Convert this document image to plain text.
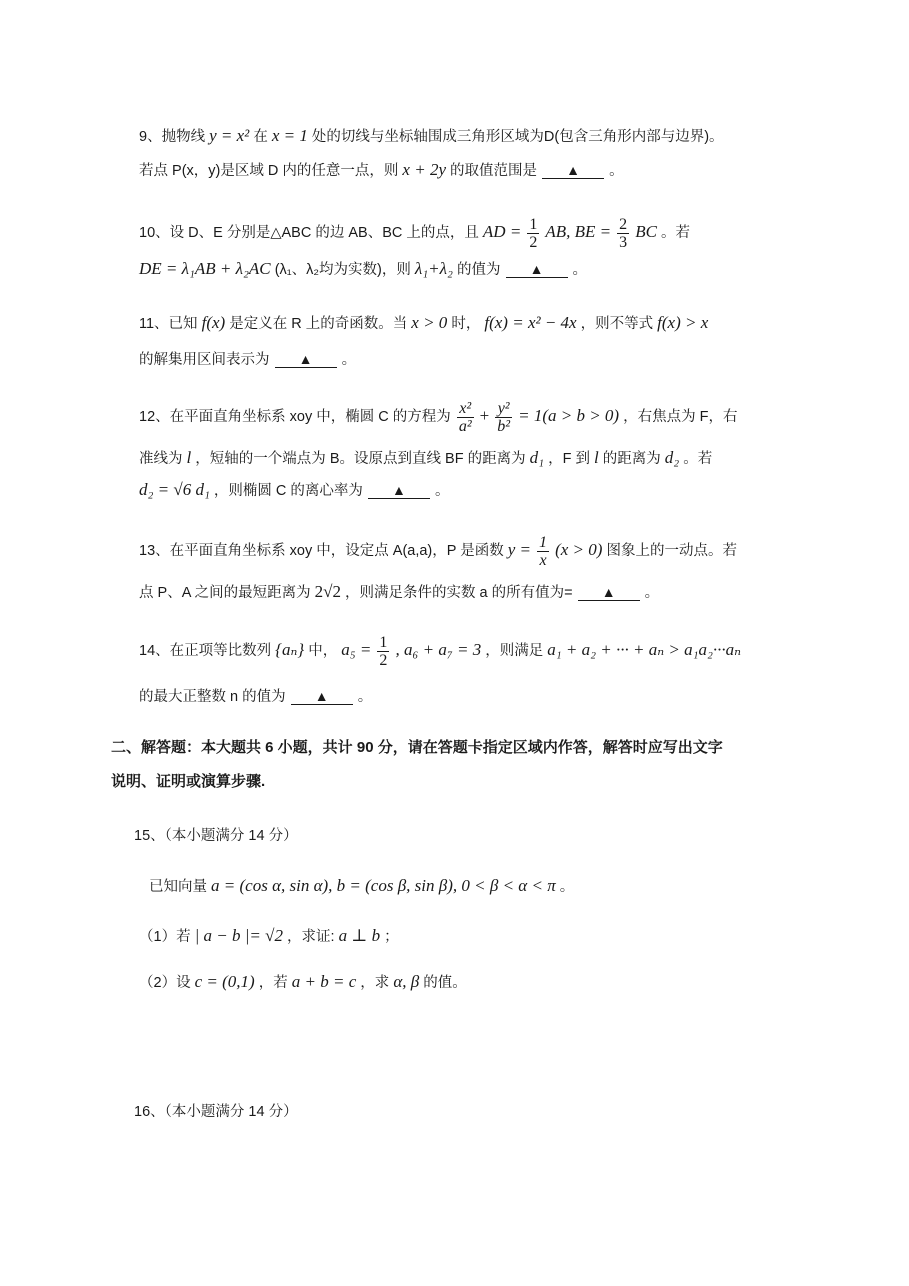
9、抛物线 y = x² 在 x = 1 处的切线与坐标轴围成三角形区域为D(包含三角形内部与边界)。
若点 P(x，y)是区域 D 内的任意一点，则 x + 2y 的取值范围是 ▲ 。
10、设 D、E 分别是△ABC 的边 AB、BC 上的点，且 AD = $\frac{1}{2}$ AB, BE = $\frac{2}{3}$ BC 。若
DE = λ₁AB + λ₂AC (λ₁、λ₂均为实数)，则 λ₁+λ₂ 的值为 ▲ 。
11、已知 f(x) 是定义在 R 上的奇函数。当 x > 0 时， f(x) = x² − 4x ，则不等式 f(x) > x
的解集用区间表示为 ▲ 。
12、在平面直角坐标系 xoy 中，椭圆 C 的方程为 $\frac{\text{x²}}{\text{a²}} + \frac{\text{y²}}{\text{b²}} = 1(a > b > 0)$ ，右焦点为 F，右
准线为 l ，短轴的一个端点为 B。设原点到直线 BF 的距离为 d₁ ，F 到 l 的距离为 d₂ 。若
d₂ = √6 d₁ ，则椭圆 C 的离心率为 ▲ 。
13、在平面直角坐标系 xoy 中，设定点 A(a,a)，P 是函数 $y = \frac{1}{x} (x > 0)$ 图象上的一动点。若
点 P、A 之间的最短距离为 2√2 ，则满足条件的实数 a 的所有值为= ▲ 。
14、在正项等比数列 {aₙ} 中， $a_5 = \frac{1}{2}$ , a₆ + a₇ = 3 ，则满足 a₁ + a₂ + ··· + aₙ > a₁a₂···aₙ
的最大正整数 n 的值为 ▲ 。
二、解答题：本大题共 6 小题，共计 90 分，请在答题卡指定区域内作答，解答时应写出文字
说明、证明或演算步骤.
15、（本小题满分 14 分）
已知向量 a = (cos α, sin α), b = (cos β, sin β), 0 < β < α < π 。
（1）若 | a − b |= √2 ，求证: a ⊥ b ；
（2）设 c = (0,1) ，若 a + b = c ，求 α, β 的值。
16、（本小题满分 14 分）
